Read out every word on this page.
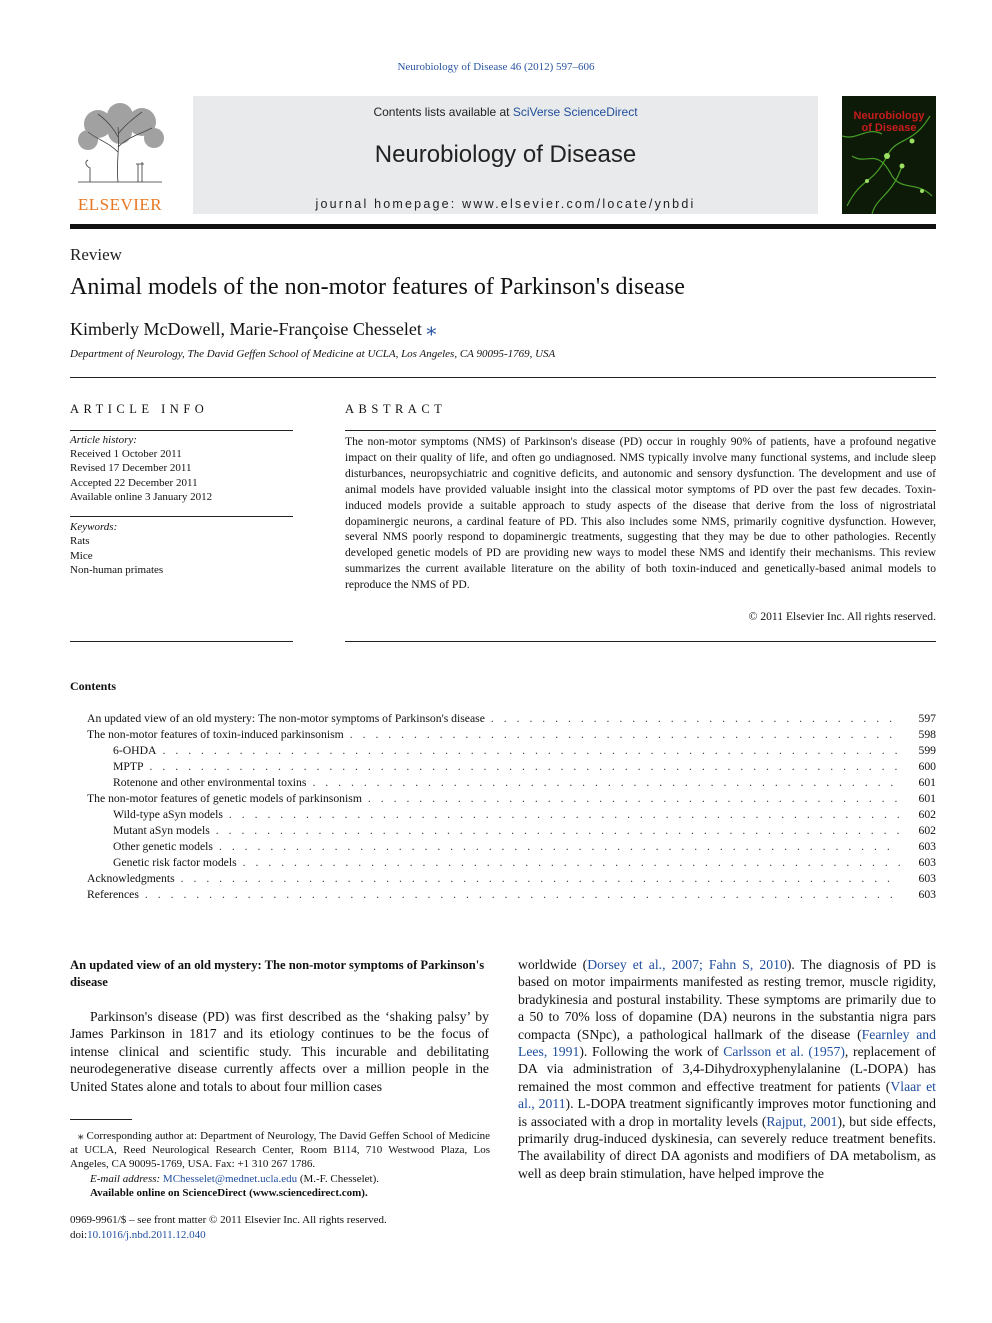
Neurobiology of Disease 46 (2012) 597–606
ELSEVIER
Contents lists available at SciVerse ScienceDirect
Neurobiology of Disease
journal homepage: www.elsevier.com/locate/ynbdi
Neurobiology of Disease
Review
Animal models of the non-motor features of Parkinson's disease
Kimberly McDowell, Marie-Françoise Chesselet ⁎
Department of Neurology, The David Geffen School of Medicine at UCLA, Los Angeles, CA 90095-1769, USA
ARTICLE INFO	ABSTRACT
Article history:
Received 1 October 2011
Revised 17 December 2011
Accepted 22 December 2011
Available online 3 January 2012
Keywords:
Rats
Mice
Non-human primates
The non-motor symptoms (NMS) of Parkinson's disease (PD) occur in roughly 90% of patients, have a profound negative impact on their quality of life, and often go undiagnosed. NMS typically involve many functional systems, and include sleep disturbances, neuropsychiatric and cognitive deficits, and autonomic and sensory dysfunction. The development and use of animal models have provided valuable insight into the classical motor symptoms of PD over the past few decades. Toxin-induced models provide a suitable approach to study aspects of the disease that derive from the loss of nigrostriatal dopaminergic neurons, a cardinal feature of PD. This also includes some NMS, primarily cognitive dysfunction. However, several NMS poorly respond to dopaminergic treatments, suggesting that they may be due to other pathologies. Recently developed genetic models of PD are providing new ways to model these NMS and identify their mechanisms. This review summarizes the current available literature on the ability of both toxin-induced and genetically-based animal models to reproduce the NMS of PD.
© 2011 Elsevier Inc. All rights reserved.
Contents
An updated view of an old mystery: The non-motor symptoms of Parkinson's disease . . .	597
The non-motor features of toxin-induced parkinsonism . . .	598
6-OHDA . . .	599
MPTP . . .	600
Rotenone and other environmental toxins . . .	601
The non-motor features of genetic models of parkinsonism . . .	601
Wild-type aSyn models . . .	602
Mutant aSyn models . . .	602
Other genetic models . . .	603
Genetic risk factor models . . .	603
Acknowledgments . . .	603
References . . .	603
An updated view of an old mystery: The non-motor symptoms of Parkinson's disease
Parkinson's disease (PD) was first described as the ‘shaking palsy’ by James Parkinson in 1817 and its etiology continues to be the focus of intense clinical and scientific study. This incurable and debilitating neurodegenerative disease currently affects over a million people in the United States alone and totals to about four million cases
worldwide (Dorsey et al., 2007; Fahn S, 2010). The diagnosis of PD is based on motor impairments manifested as resting tremor, muscle rigidity, bradykinesia and postural instability. These symptoms are primarily due to a 50 to 70% loss of dopamine (DA) neurons in the substantia nigra pars compacta (SNpc), a pathological hallmark of the disease (Fearnley and Lees, 1991). Following the work of Carlsson et al. (1957), replacement of DA via administration of 3,4-Dihydroxyphenylalanine (L-DOPA) has remained the most common and effective treatment for patients (Vlaar et al., 2011). L-DOPA treatment significantly improves motor functioning and is associated with a drop in mortality levels (Rajput, 2001), but side effects, primarily drug-induced dyskinesia, can severely reduce treatment benefits. The availability of direct DA agonists and modifiers of DA metabolism, as well as deep brain stimulation, have helped improve the

⁎ Corresponding author at: Department of Neurology, The David Geffen School of Medicine at UCLA, Reed Neurological Research Center, Room B114, 710 Westwood Plaza, Los Angeles, CA 90095-1769, USA. Fax: +1 310 267 1786.

E-mail address: MChesselet@mednet.ucla.edu (M.-F. Chesselet).

Available online on ScienceDirect (www.sciencedirect.com).

0969-9961/$ – see front matter © 2011 Elsevier Inc. All rights reserved.
doi:10.1016/j.nbd.2011.12.040
